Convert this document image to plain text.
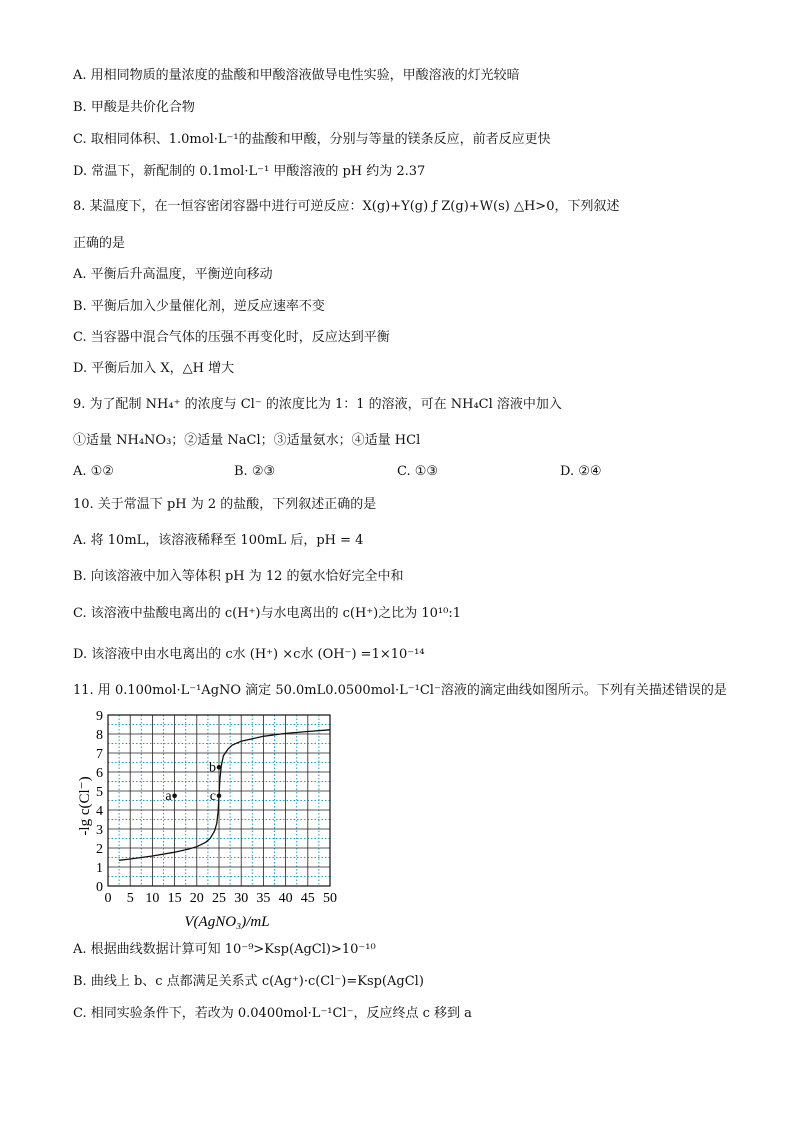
A. 用相同物质的量浓度的盐酸和甲酸溶液做导电性实验，甲酸溶液的灯光较暗
B. 甲酸是共价化合物
C. 取相同体积、1.0mol·L⁻¹的盐酸和甲酸，分别与等量的镁条反应，前者反应更快
D. 常温下，新配制的 0.1mol·L⁻¹ 甲酸溶液的 pH 约为 2.37
8. 某温度下，在一恒容密闭容器中进行可逆反应：X(g)+Y(g) ƒ Z(g)+W(s) △H>0，下列叙述
正确的是
A. 平衡后升高温度，平衡逆向移动
B. 平衡后加入少量催化剂，逆反应速率不变
C. 当容器中混合气体的压强不再变化时，反应达到平衡
D. 平衡后加入 X，△H 增大
9. 为了配制 NH₄⁺ 的浓度与 Cl⁻ 的浓度比为 1：1 的溶液，可在 NH₄Cl 溶液中加入
①适量 NH₄NO₃；②适量 NaCl；③适量氨水；④适量 HCl
A. ①②	B. ②③	C. ①③	D. ②④
10. 关于常温下 pH 为 2 的盐酸，下列叙述正确的是
A. 将 10mL，该溶液稀释至 100mL 后，pH = 4
B. 向该溶液中加入等体积 pH 为 12 的氨水恰好完全中和
C. 该溶液中盐酸电离出的 c(H⁺)与水电离出的 c(H⁺)之比为 10¹⁰:1
D. 该溶液中由水电离出的 c水 (H⁺) ×c水 (OH⁻) =1×10⁻¹⁴
11. 用 0.100mol·L⁻¹AgNO 滴定 50.0mL0.0500mol·L⁻¹Cl⁻溶液的滴定曲线如图所示。下列有关描述错误的是
0 5 10 15 20 25 30 35 40 45 50
0
1
2
3
4
5
6
7
8
9
a
b
c
V(AgNO₃)/mL
-lg c(Cl⁻)
A. 根据曲线数据计算可知 10⁻⁹>Ksp(AgCl)>10⁻¹⁰
B. 曲线上 b、c 点都满足关系式 c(Ag⁺)·c(Cl⁻)=Ksp(AgCl)
C. 相同实验条件下，若改为 0.0400mol·L⁻¹Cl⁻，反应终点 c 移到 a
